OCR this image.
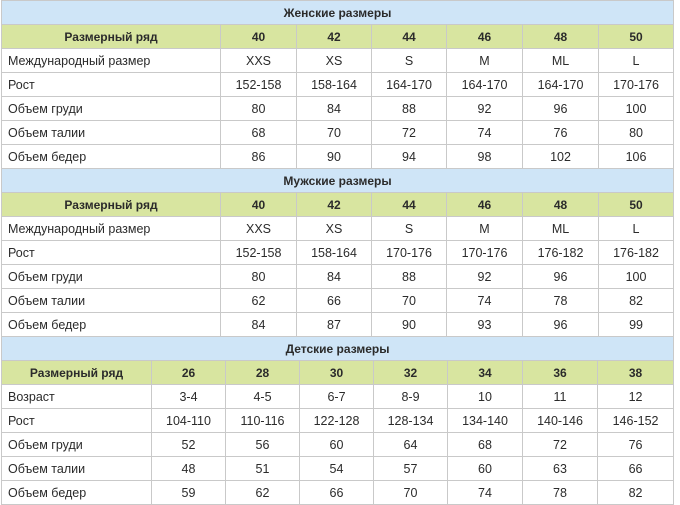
Женские размеры						
Размерный ряд	40	42	44	46	48	50
Международный размер	XXS	XS	S	M	ML	L
Рост	152-158	158-164	164-170	164-170	164-170	170-176
Объем груди	80	84	88	92	96	100
Объем талии	68	70	72	74	76	80
Объем бедер	86	90	94	98	102	106
Мужские размеры						
Размерный ряд	40	42	44	46	48	50
Международный размер	XXS	XS	S	M	ML	L
Рост	152-158	158-164	170-176	170-176	176-182	176-182
Объем груди	80	84	88	92	96	100
Объем талии	62	66	70	74	78	82
Объем бедер	84	87	90	93	96	99
Детские размеры							
Размерный ряд	26	28	30	32	34	36	38
Возраст	3-4	4-5	6-7	8-9	10	11	12
Рост	104-110	110-116	122-128	128-134	134-140	140-146	146-152
Объем груди	52	56	60	64	68	72	76
Объем талии	48	51	54	57	60	63	66
Объем бедер	59	62	66	70	74	78	82
